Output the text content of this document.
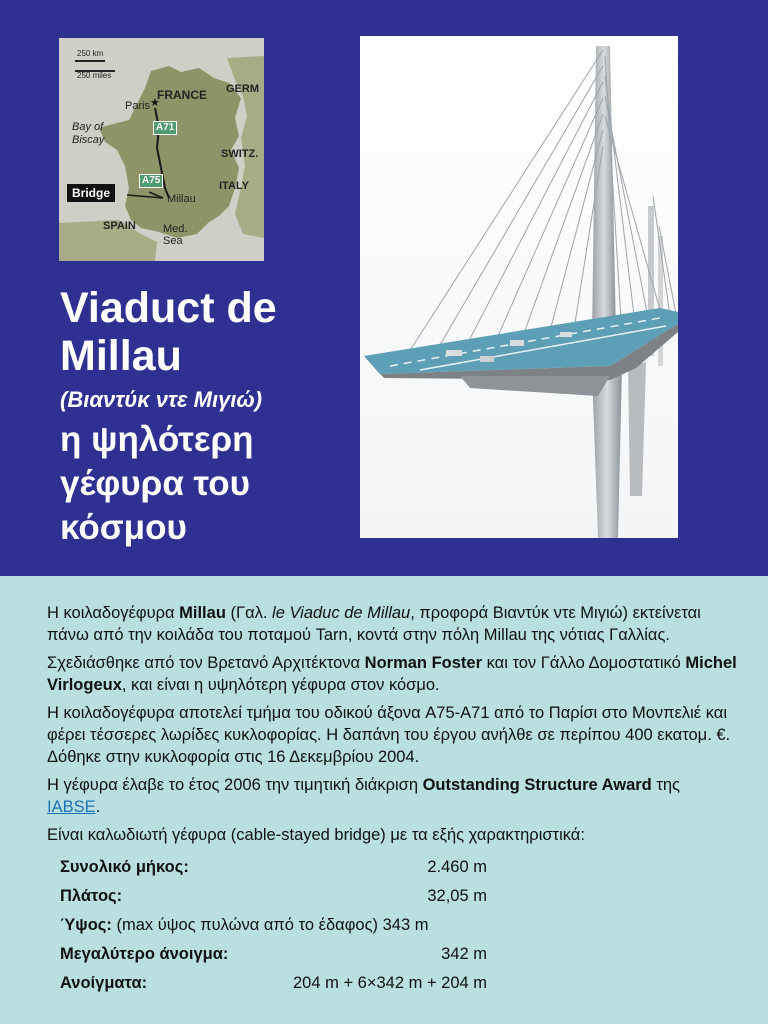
250 km
250 miles
FRANCE GERM
★
Paris
Bay of
Biscay
A71
SWITZ.
A75	ITALY
Bridge	Millau
SPAIN Med.
Sea
Viaduct de
Millau
(Βιαντύκ ντε Μιγιώ)
η ψηλότερη
γέφυρα του
κόσμου

Η κοιλαδογέφυρα Millau (Γαλ. le Viaduc de Millau, προφορά Βιαντύκ ντε Μιγιώ) εκτείνεται πάνω από την κοιλάδα του ποταμού Tarn, κοντά στην πόλη Millau της νότιας Γαλλίας.

Σχεδιάσθηκε από τον Βρετανό Αρχιτέκτονα Norman Foster και τον Γάλλο Δομοστατικό Michel Virlogeux, και είναι η υψηλότερη γέφυρα στον κόσμο.

Η κοιλαδογέφυρα αποτελεί τμήμα του οδικού άξονα A75-A71 από το Παρίσι στο Μονπελιέ και φέρει τέσσερες λωρίδες κυκλοφορίας. Η δαπάνη του έργου ανήλθε σε περίπου 400 εκατομ. €. Δόθηκε στην κυκλοφορία στις 16 Δεκεμβρίου 2004.

Η γέφυρα έλαβε το έτος 2006 την τιμητική διάκριση Outstanding Structure Award της IABSE.

Είναι καλωδιωτή γέφυρα (cable-stayed bridge) με τα εξής χαρακτηριστικά:

Συνολικό μήκος:	2.460 m
Πλάτος:	32,05 m
Ύψος: (max ύψος πυλώνα από το έδαφος) 343 m	
Μεγαλύτερο άνοιγμα:	342 m
Ανοίγματα:	204 m + 6×342 m + 204 m
